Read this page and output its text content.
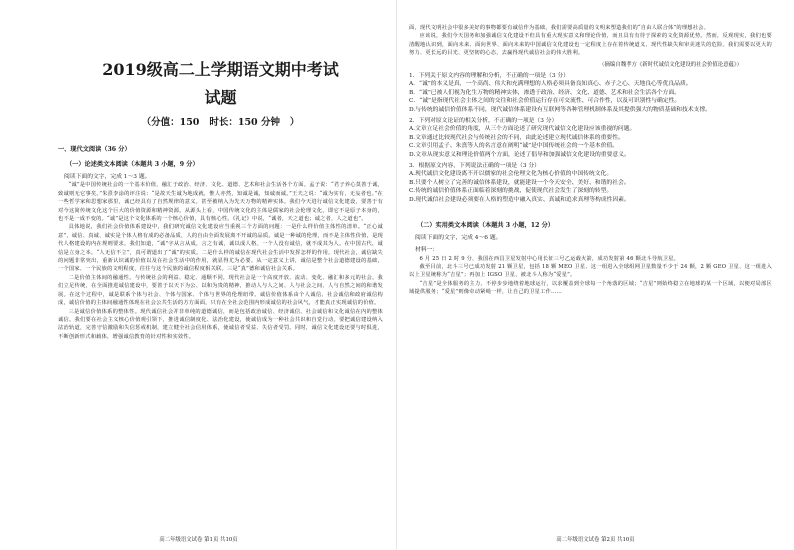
2019级高二上学期语文期中考试
试题
（分值：150   时长：150 分钟   ）
一、现代文阅读（36 分）
（一）论述类文本阅读（本题共 3 小题，9 分）
阅读下面的文字，完成 1～3 题。

“诚”是中国传统社会的一个基本价值，融汇于政治、经济、文化、道德、艺术和社会生活各个方面。孟子说：“君子养心莫善于诚，致诚则无它事矣。”朱熹李涂的评注说：“是故天生诚为地成就，惟人亦然，知诚是诚，知诚而诚。”王夫之说：“诚为实有，无妄者也。”在一些哲学家和思想家那里，诚已经具有了自然规律的意义。甚至被纳入为先天万物的精神实体。我们今天进行诚信文化建设，要善于有对今这简传统文化这个巨大的价值资源和精神资源。从源头上看，中国传统文化的主体是儒家的社会伦理文化。即它不是原子本身的，也不是一成不变的。“诚”是这个文化体系的一个核心价值，具有核心性。《礼记》中说，“诚者，天之道也；诚之者，人之道也”。

具体地说，我们社会价值体系建设中，我们研究诚信文化建设应当重视三个方面的问题：一是什么样价值主体性的清单。“正心诚意”，诚信、真诚、诚实是个体人格有成的必备品质，人的自由全面发展离不开诚的品质。诚是一种诚的伦理，而不是主体性价值，是现代人格建设的内在规则要求。我们知道，“诚”字从言从成，言之有诚，诚以成人格。一个人没有诚信，就不成其为人。在中国古代，诚信是立身之本。“人无信不立”，真可谓道出了“诚”的实质。二是什么样的诚信在现代社会生活中发挥怎样的作用。现代社会，诚信缺失的问题非常突出，重新认识诚的价值以及在社会生活中的作用，就显得尤为必要。从一定意义上讲，诚信是整个社会道德建设的基础，一个国家、一个民族的文明程度，往往与这个民族的诚信程度相关联。三是“真”德和诚信社会关系。

二是价值主体间的融通性。与传统社会的利益、稳定、通顺不同，现代社会是一个高度开放、流动、变化、融汇和多元的社会。我们立足传统，在全面推进诚信建设中，要善于以天下为公、以和为贵的精神，推动人与人之间、人与社会之间、人与自然之间的和谐发展。在这个过程中，诚是联系个体与社会、个体与国家、个体与世界的伦理纽带。诚信价值体系由个人诚信、社会诚信和政府诚信构成，诚信价值的主体间融通性体现在社会公共生活的方方面面，只有在全社会范围内形成诚信的社会风气，才能真正实现诚信的价值。

三是诚信价值体系的整体性。现代诚信社会并非单纯的道德诚信，而是包括政治诚信、经济诚信、社会诚信和文化诚信在内的整体诚信。我们要在社会主义核心价值观引领下，推进诚信制度化、法治化建设，使诚信成为一种社会共识和自觉行动。要把诚信建设纳入法治轨道，完善守信激励和失信惩戒机制，建立健全社会信用体系，使诚信者受益、失信者受罚。同时，诚信文化建设还要与时俱进，不断创新形式和载体，增强诚信教育的针对性和实效性。

高二年级语文试卷 第1页 共10页

面，现代文明社会中很多美好的事物都要有诚信作为基础，我们需要高质量的文明来塑造我们的“自由人联合体”的理想社会。

应该说，我们今天国务和加强诚信文化建设不但具有重大现实意义和理论价值，而且具有有待于探索的文化资源优势。然而，反观现实，我们也要清醒地认识到，面向未来、面向世界、面向未来的中国诚信文化建设也一定程度上存在着传统道义、现代性缺失和审美迷失的危险。我们需要以更大的努力、更长远的目光、更坚韧的心态，去赢得现代诚信社会的伟大胜利。

（摘编自魏孝方《新时代诚信文化建设的社会价值论意蕴》）
1．下列关于原文内容的理解和分析，不正确的一项是（3 分）
A．“诚”的本义是真，一个高尚、伟大和充满理想的人格必须具备良知真心、赤子之心、天地良心等优良品质。
B．“诚”已被人们视为化生万物的精神实体，渗透于政治、经济、文化、道德、艺术和社会生活各个方面。
C．“诚”是指现代社会主体之间的交往和社会价值运行存在可交流性、可合作性，以及可识别性与确定性。
D.与传统的诚信价值体系不同，现代诚信体系建设有互联网等各种管理机制体系及其提供强大的物质基础和技术支撑。
2．下列对原文论证的相关分析，不正确的一项是（3 分）
A.文章立足社会价值的角度，从三个方面论述了研究现代诚信文化建设应该重视的问题。
B.文章通过比较现代社会与传统社会的不同，由此论述建立现代诚信体系的重要性。
C.文章引用孟子、朱熹等人的名言意在阐明“诚”是中国传统社会的一个基本价值。
D.文章从现实意义和理论价值两个方面，论述了倡导和加强诚信文化建设的重要意义。
3．根据原文内容，下列说法正确的一项是（3 分）
A.现代诚信文化建设离不开以儒家的社会伦理文化为核心价值的中国传统文化。
B.只要个人树立了完善的诚信体系建设，就能建设一个今天安全、美好、和谐的社会。
C.传统的诚信价值体系正面临着深刻的挑战，促使现代社会发生了深刻的转型。
D.现代诚信社会建设必须要在人格的塑造中融入真实、真诚和追求真理等构成性因素。
（二）实用类文本阅读（本题共 3 小题，12 分）
阅读下面的文字，完成 4～6 题。
材料一：

6 月 25 日 2 时 9 分，我国在西昌卫星发射中心用长征三号乙运载火箭，成功发射第 46 颗北斗导航卫星。

截至目前，北斗三号已成功发射 21 颗卫星，包括 18 颗 MEO 卫星、这一组进入全球组网卫星数量不少于 24 颗，2 颗 GEO 卫星、这一组进入以上卫星统称为“吉星”；再加上 IGSO 卫星，被北斗人称为“爱星”。

“吉星”是全体服务的主力，不停步步地绕着地球运行，以求覆盖到全球每一个角落的区域；“吉星”则始终稳立在地球的某一个区域，以便对局部区域提供服务；“爱星”则像牵动紧绳一样，让自己的卫星工作……

高二年级语文试卷 第2页 共10页
